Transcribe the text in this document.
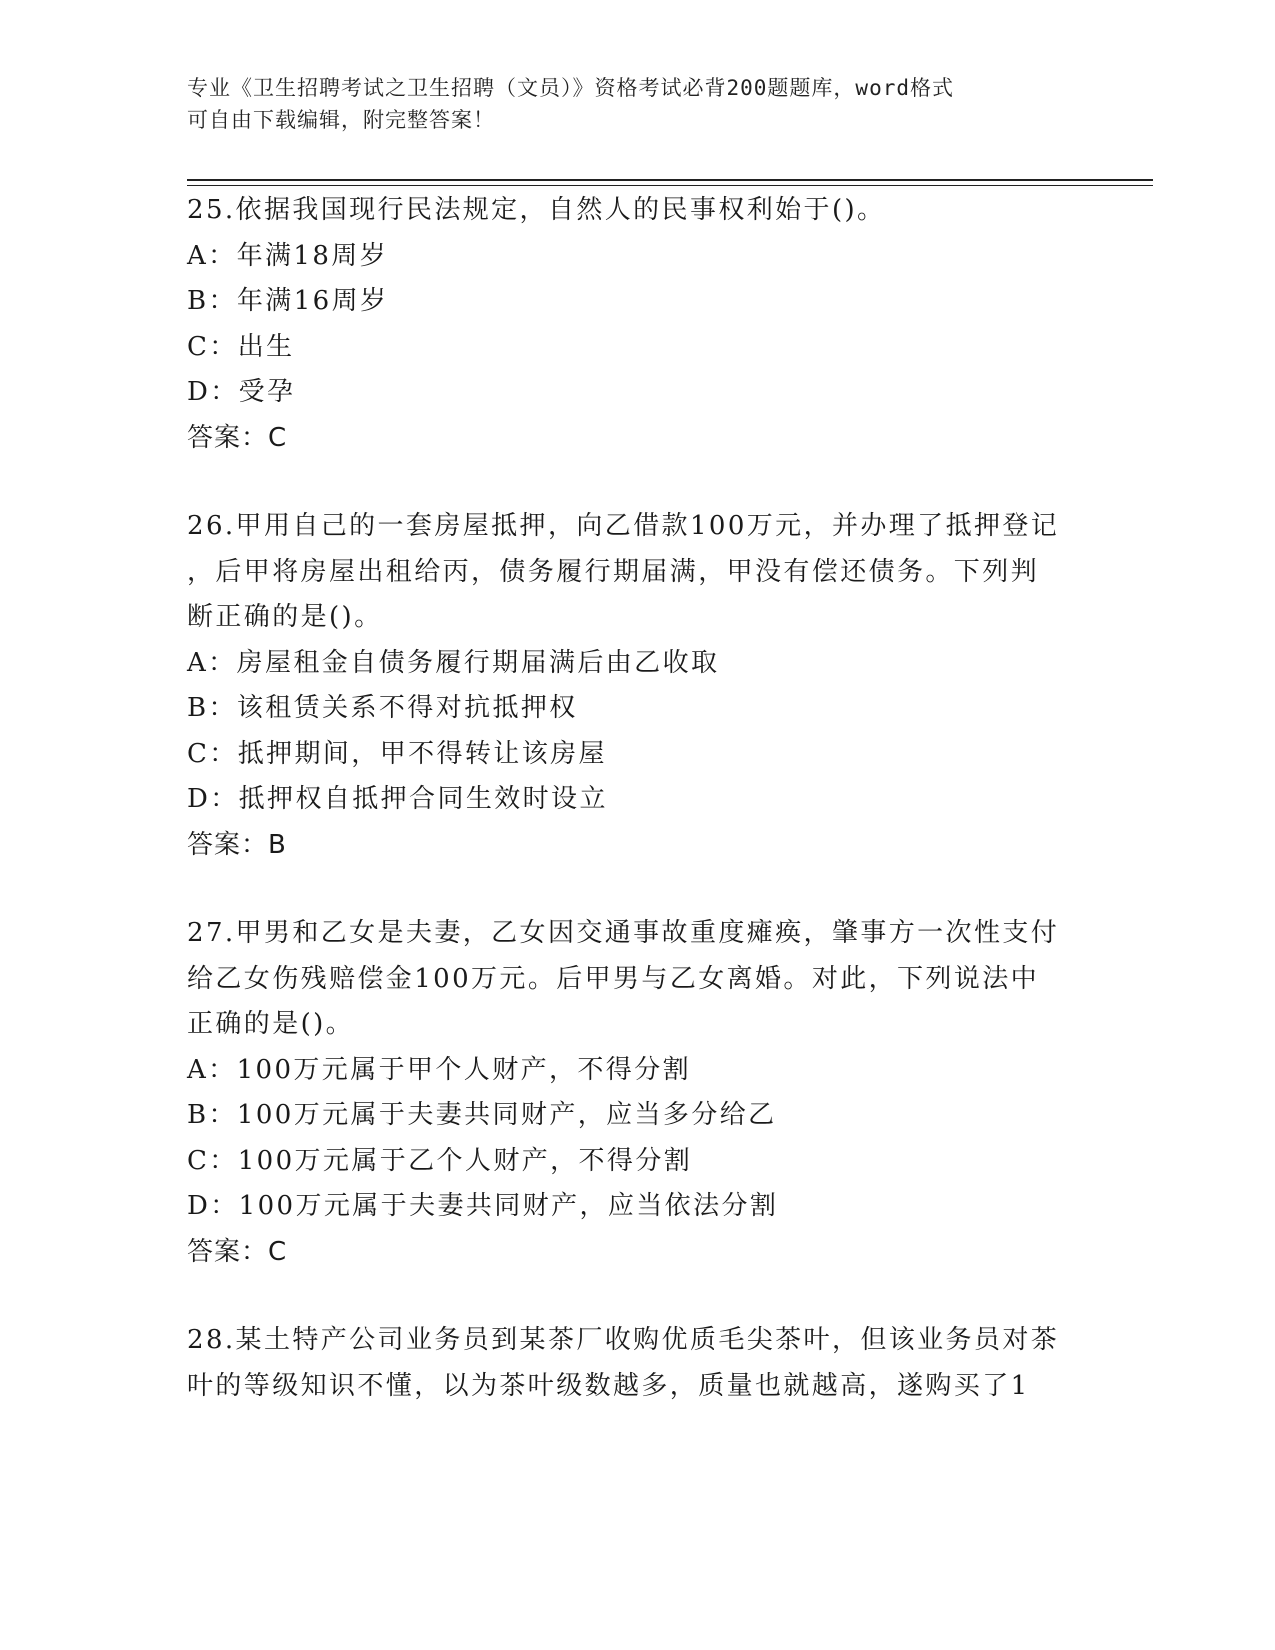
专业《卫生招聘考试之卫生招聘（文员）》资格考试必背200题题库，word格式
可自由下载编辑，附完整答案！
25.依据我国现行民法规定，自然人的民事权利始于()。
A：年满18周岁
B：年满16周岁
C：出生
D：受孕
答案：C
26.甲用自己的一套房屋抵押，向乙借款100万元，并办理了抵押登记
，后甲将房屋出租给丙，债务履行期届满，甲没有偿还债务。下列判
断正确的是()。
A：房屋租金自债务履行期届满后由乙收取
B：该租赁关系不得对抗抵押权
C：抵押期间，甲不得转让该房屋
D：抵押权自抵押合同生效时设立
答案：B
27.甲男和乙女是夫妻，乙女因交通事故重度瘫痪，肇事方一次性支付
给乙女伤残赔偿金100万元。后甲男与乙女离婚。对此，下列说法中
正确的是()。
A：100万元属于甲个人财产，不得分割
B：100万元属于夫妻共同财产，应当多分给乙
C：100万元属于乙个人财产，不得分割
D：100万元属于夫妻共同财产，应当依法分割
答案：C
28.某土特产公司业务员到某茶厂收购优质毛尖茶叶，但该业务员对茶
叶的等级知识不懂，以为茶叶级数越多，质量也就越高，遂购买了1
